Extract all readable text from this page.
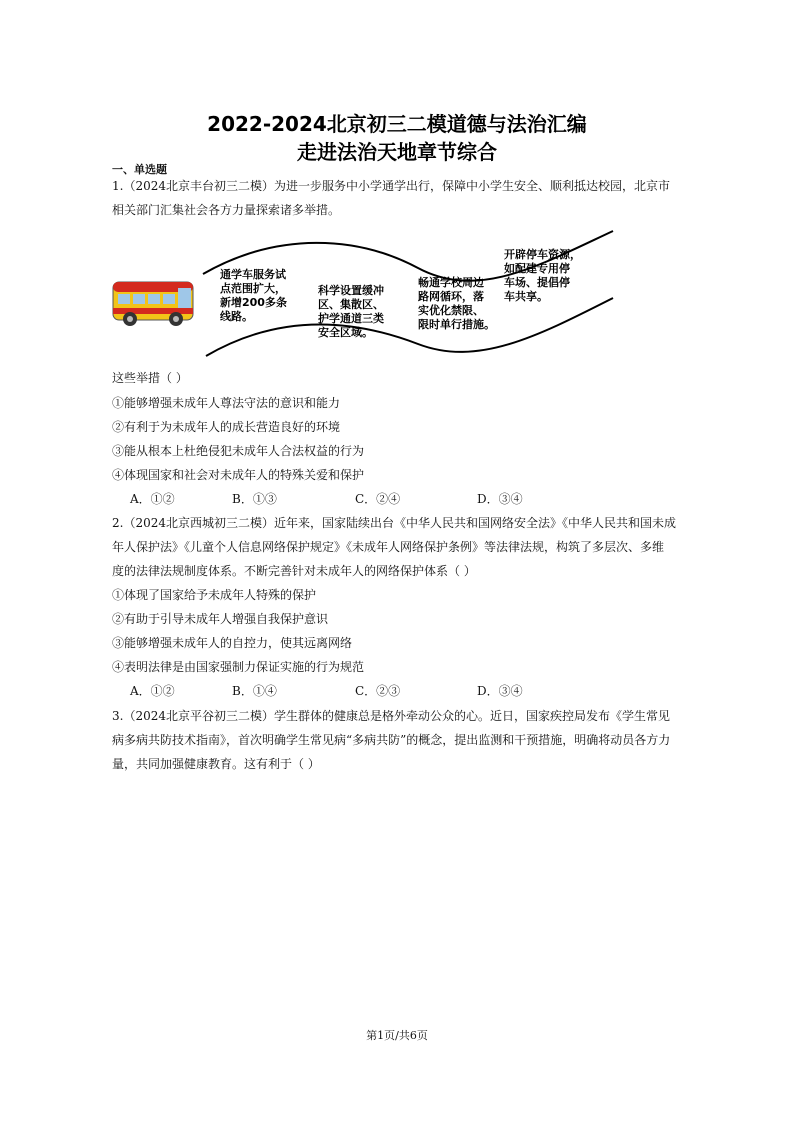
2022-2024北京初三二模道德与法治汇编
走进法治天地章节综合
一、单选题
1.（2024北京丰台初三二模）为进一步服务中小学通学出行，保障中小学生安全、顺利抵达校园，北京市
相关部门汇集社会各方力量探索诸多举措。
通学车服务试
点范围扩大，
新增200多条
线路。
科学设置缓冲
区、集散区、
护学通道三类
安全区域。
畅通学校周边
路网循环，落
实优化禁限、
限时单行措施。
开辟停车资源，
如配建专用停
车场、提倡停
车共享。
这些举措（ ）
①能够增强未成年人尊法守法的意识和能力
②有利于为未成年人的成长营造良好的环境
③能从根本上杜绝侵犯未成年人合法权益的行为
④体现国家和社会对未成年人的特殊关爱和保护
A．①②	B．①③	C．②④	D．③④
2.（2024北京西城初三二模）近年来，国家陆续出台《中华人民共和国网络安全法》《中华人民共和国未成
年人保护法》《儿童个人信息网络保护规定》《未成年人网络保护条例》等法律法规，构筑了多层次、多维
度的法律法规制度体系。不断完善针对未成年人的网络保护体系（ ）
①体现了国家给予未成年人特殊的保护
②有助于引导未成年人增强自我保护意识
③能够增强未成年人的自控力，使其远离网络
④表明法律是由国家强制力保证实施的行为规范
A．①②	B．①④	C．②③	D．③④
3.（2024北京平谷初三二模）学生群体的健康总是格外牵动公众的心。近日，国家疾控局发布《学生常见
病多病共防技术指南》，首次明确学生常见病“多病共防”的概念，提出监测和干预措施，明确将动员各方力
量，共同加强健康教育。这有利于（ ）
第1页/共6页
